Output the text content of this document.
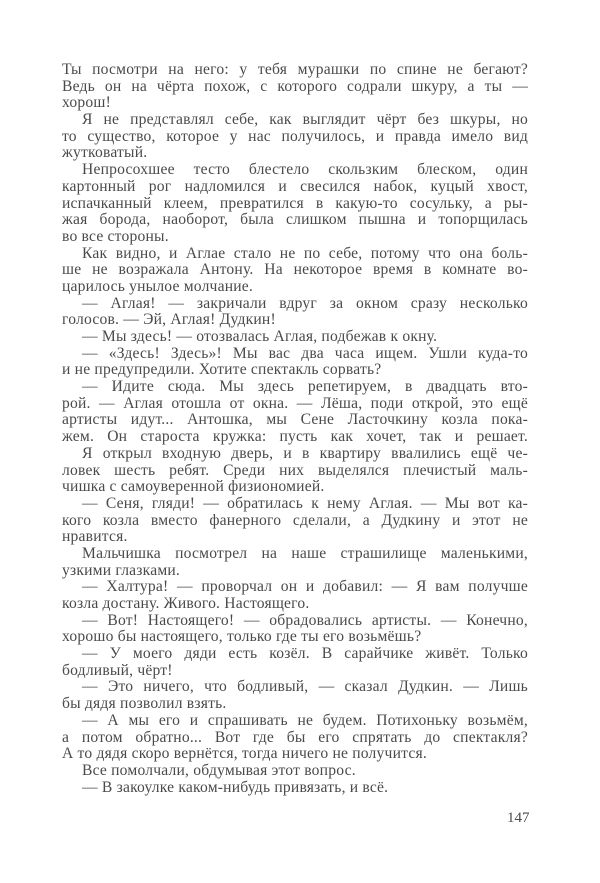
Ты посмотри на него: у тебя мурашки по спине не бегают?
Ведь он на чёрта похож, с которого содрали шкуру, а ты —
хорош!
Я не представлял себе, как выглядит чёрт без шкуры, но
то существо, которое у нас получилось, и правда имело вид
жутковатый.
Непросохшее тесто блестело скользким блеском, один
картонный рог надломился и свесился набок, куцый хвост,
испачканный клеем, превратился в какую-то сосульку, а ры-
жая борода, наоборот, была слишком пышна и топорщилась
во все стороны.
Как видно, и Аглае стало не по себе, потому что она боль-
ше не возражала Антону. На некоторое время в комнате во-
царилось унылое молчание.
— Аглая! — закричали вдруг за окном сразу несколько
голосов. — Эй, Аглая! Дудкин!
— Мы здесь! — отозвалась Аглая, подбежав к окну.
— «Здесь! Здесь»! Мы вас два часа ищем. Ушли куда-то
и не предупредили. Хотите спектакль сорвать?
— Идите сюда. Мы здесь репетируем, в двадцать вто-
рой. — Аглая отошла от окна. — Лёша, поди открой, это ещё
артисты идут... Антошка, мы Сене Ласточкину козла пока-
жем. Он староста кружка: пусть как хочет, так и решает.
Я открыл входную дверь, и в квартиру ввалились ещё че-
ловек шесть ребят. Среди них выделялся плечистый маль-
чишка с самоуверенной физиономией.
— Сеня, гляди! — обратилась к нему Аглая. — Мы вот ка-
кого козла вместо фанерного сделали, а Дудкину и этот не
нравится.
Мальчишка посмотрел на наше страшилище маленькими,
узкими глазками.
— Халтура! — проворчал он и добавил: — Я вам получше
козла достану. Живого. Настоящего.
— Вот! Настоящего! — обрадовались артисты. — Конечно,
хорошо бы настоящего, только где ты его возьмёшь?
— У моего дяди есть козёл. В сарайчике живёт. Только
бодливый, чёрт!
— Это ничего, что бодливый, — сказал Дудкин. — Лишь
бы дядя позволил взять.
— А мы его и спрашивать не будем. Потихоньку возьмём,
а потом обратно... Вот где бы его спрятать до спектакля?
А то дядя скоро вернётся, тогда ничего не получится.
Все помолчали, обдумывая этот вопрос.
— В закоулке каком-нибудь привязать, и всё.
147
